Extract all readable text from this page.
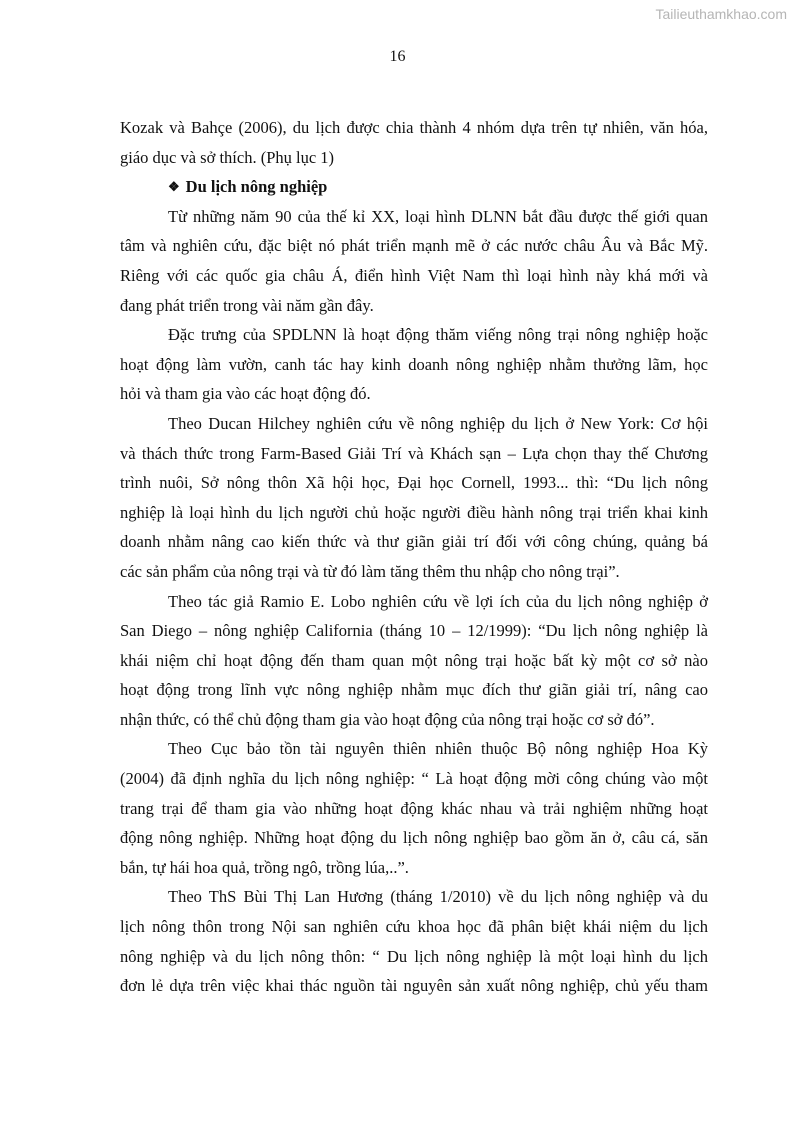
Tailieuthamkhao.com
16
Kozak và Bahçe (2006), du lịch được chia thành 4 nhóm dựa trên tự nhiên, văn hóa,
giáo dục và sở thích. (Phụ lục 1)
❖ Du lịch nông nghiệp
Từ những năm 90 của thế kỉ XX, loại hình DLNN bắt đầu được thế giới quan
tâm và nghiên cứu, đặc biệt nó phát triển mạnh mẽ ở các nước châu Âu và Bắc Mỹ.
Riêng với các quốc gia châu Á, điển hình Việt Nam thì loại hình này khá mới và
đang phát triển trong vài năm gần đây.
Đặc trưng của SPDLNN là hoạt động thăm viếng nông trại nông nghiệp hoặc
hoạt động làm vườn, canh tác hay kinh doanh nông nghiệp nhằm thưởng lãm, học
hỏi và tham gia vào các hoạt động đó.
Theo Ducan Hilchey nghiên cứu về nông nghiệp du lịch ở New York: Cơ hội
và thách thức trong Farm-Based Giải Trí và Khách sạn – Lựa chọn thay thế Chương
trình nuôi, Sở nông thôn Xã hội học, Đại học Cornell, 1993... thì: “Du lịch nông
nghiệp là loại hình du lịch người chủ hoặc người điều hành nông trại triển khai kinh
doanh nhằm nâng cao kiến thức và thư giãn giải trí đối với công chúng, quảng bá
các sản phẩm của nông trại và từ đó làm tăng thêm thu nhập cho nông trại”.
Theo tác giả Ramio E. Lobo nghiên cứu về lợi ích của du lịch nông nghiệp ở
San Diego – nông nghiệp California (tháng 10 – 12/1999): “Du lịch nông nghiệp là
khái niệm chỉ hoạt động đến tham quan một nông trại hoặc bất kỳ một cơ sở nào
hoạt động trong lĩnh vực nông nghiệp nhằm mục đích thư giãn giải trí, nâng cao
nhận thức, có thể chủ động tham gia vào hoạt động của nông trại hoặc cơ sở đó”.
Theo Cục bảo tồn tài nguyên thiên nhiên thuộc Bộ nông nghiệp Hoa Kỳ
(2004) đã định nghĩa du lịch nông nghiệp: “ Là hoạt động mời công chúng vào một
trang trại để tham gia vào những hoạt động khác nhau và trải nghiệm những hoạt
động nông nghiệp. Những hoạt động du lịch nông nghiệp bao gồm ăn ở, câu cá, săn
bắn, tự hái hoa quả, trồng ngô, trồng lúa,..”.
Theo ThS Bùi Thị Lan Hương (tháng 1/2010) về du lịch nông nghiệp và du
lịch nông thôn trong Nội san nghiên cứu khoa học đã phân biệt khái niệm du lịch
nông nghiệp và du lịch nông thôn: “ Du lịch nông nghiệp là một loại hình du lịch
đơn lẻ dựa trên việc khai thác nguồn tài nguyên sản xuất nông nghiệp, chủ yếu tham
